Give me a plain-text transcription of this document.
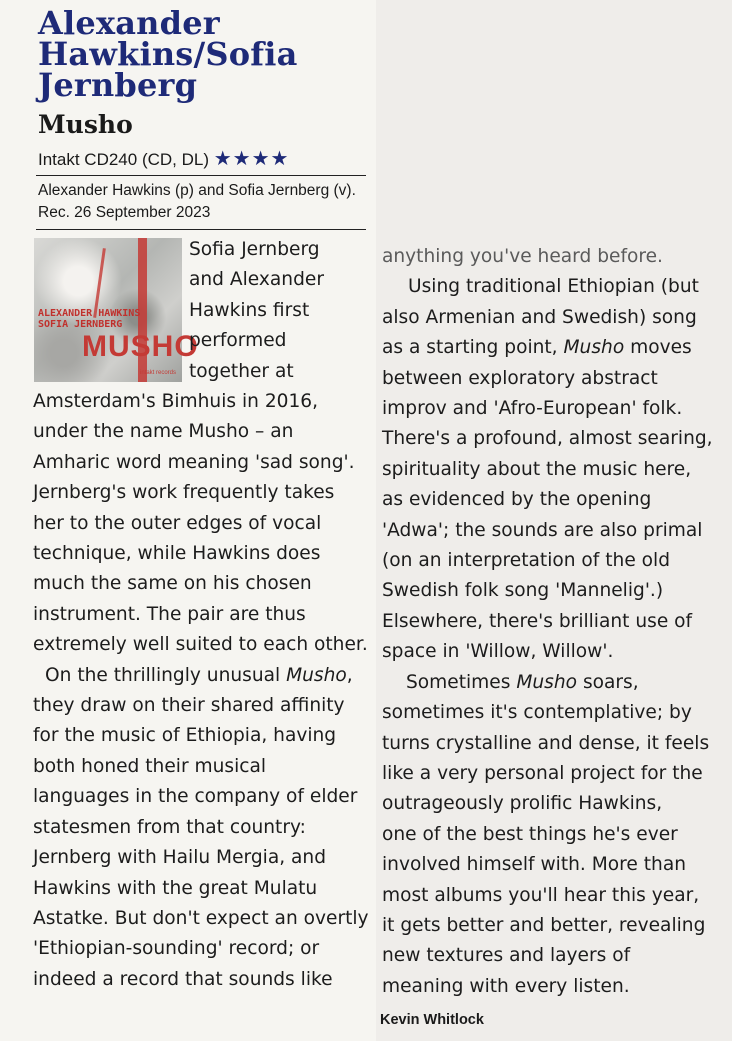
Alexander
Hawkins/Sofia
Jernberg
Musho
Intakt CD240 (CD, DL) ★★★★
Alexander Hawkins (p) and Sofia Jernberg (v).
Rec. 26 September 2023
ALEXANDER HAWKINS
SOFIA JERNBERG
MUSHO
intakt records
Sofia Jernberg
and Alexander
Hawkins first
performed
together at
Amsterdam's Bimhuis in 2016,
under the name Musho – an
Amharic word meaning 'sad song'.
Jernberg's work frequently takes
her to the outer edges of vocal
technique, while Hawkins does
much the same on his chosen
instrument. The pair are thus
extremely well suited to each other.
On the thrillingly unusual Musho,
they draw on their shared affinity
for the music of Ethiopia, having
both honed their musical
languages in the company of elder
statesmen from that country:
Jernberg with Hailu Mergia, and
Hawkins with the great Mulatu
Astatke. But don't expect an overtly
'Ethiopian-sounding' record; or
indeed a record that sounds like
anything you've heard before.
Using traditional Ethiopian (but
also Armenian and Swedish) song
as a starting point, Musho moves
between exploratory abstract
improv and 'Afro-European' folk.
There's a profound, almost searing,
spirituality about the music here,
as evidenced by the opening
'Adwa'; the sounds are also primal
(on an interpretation of the old
Swedish folk song 'Mannelig'.)
Elsewhere, there's brilliant use of
space in 'Willow, Willow'.
Sometimes Musho soars,
sometimes it's contemplative; by
turns crystalline and dense, it feels
like a very personal project for the
outrageously prolific Hawkins,
one of the best things he's ever
involved himself with. More than
most albums you'll hear this year,
it gets better and better, revealing
new textures and layers of
meaning with every listen.
Kevin Whitlock
